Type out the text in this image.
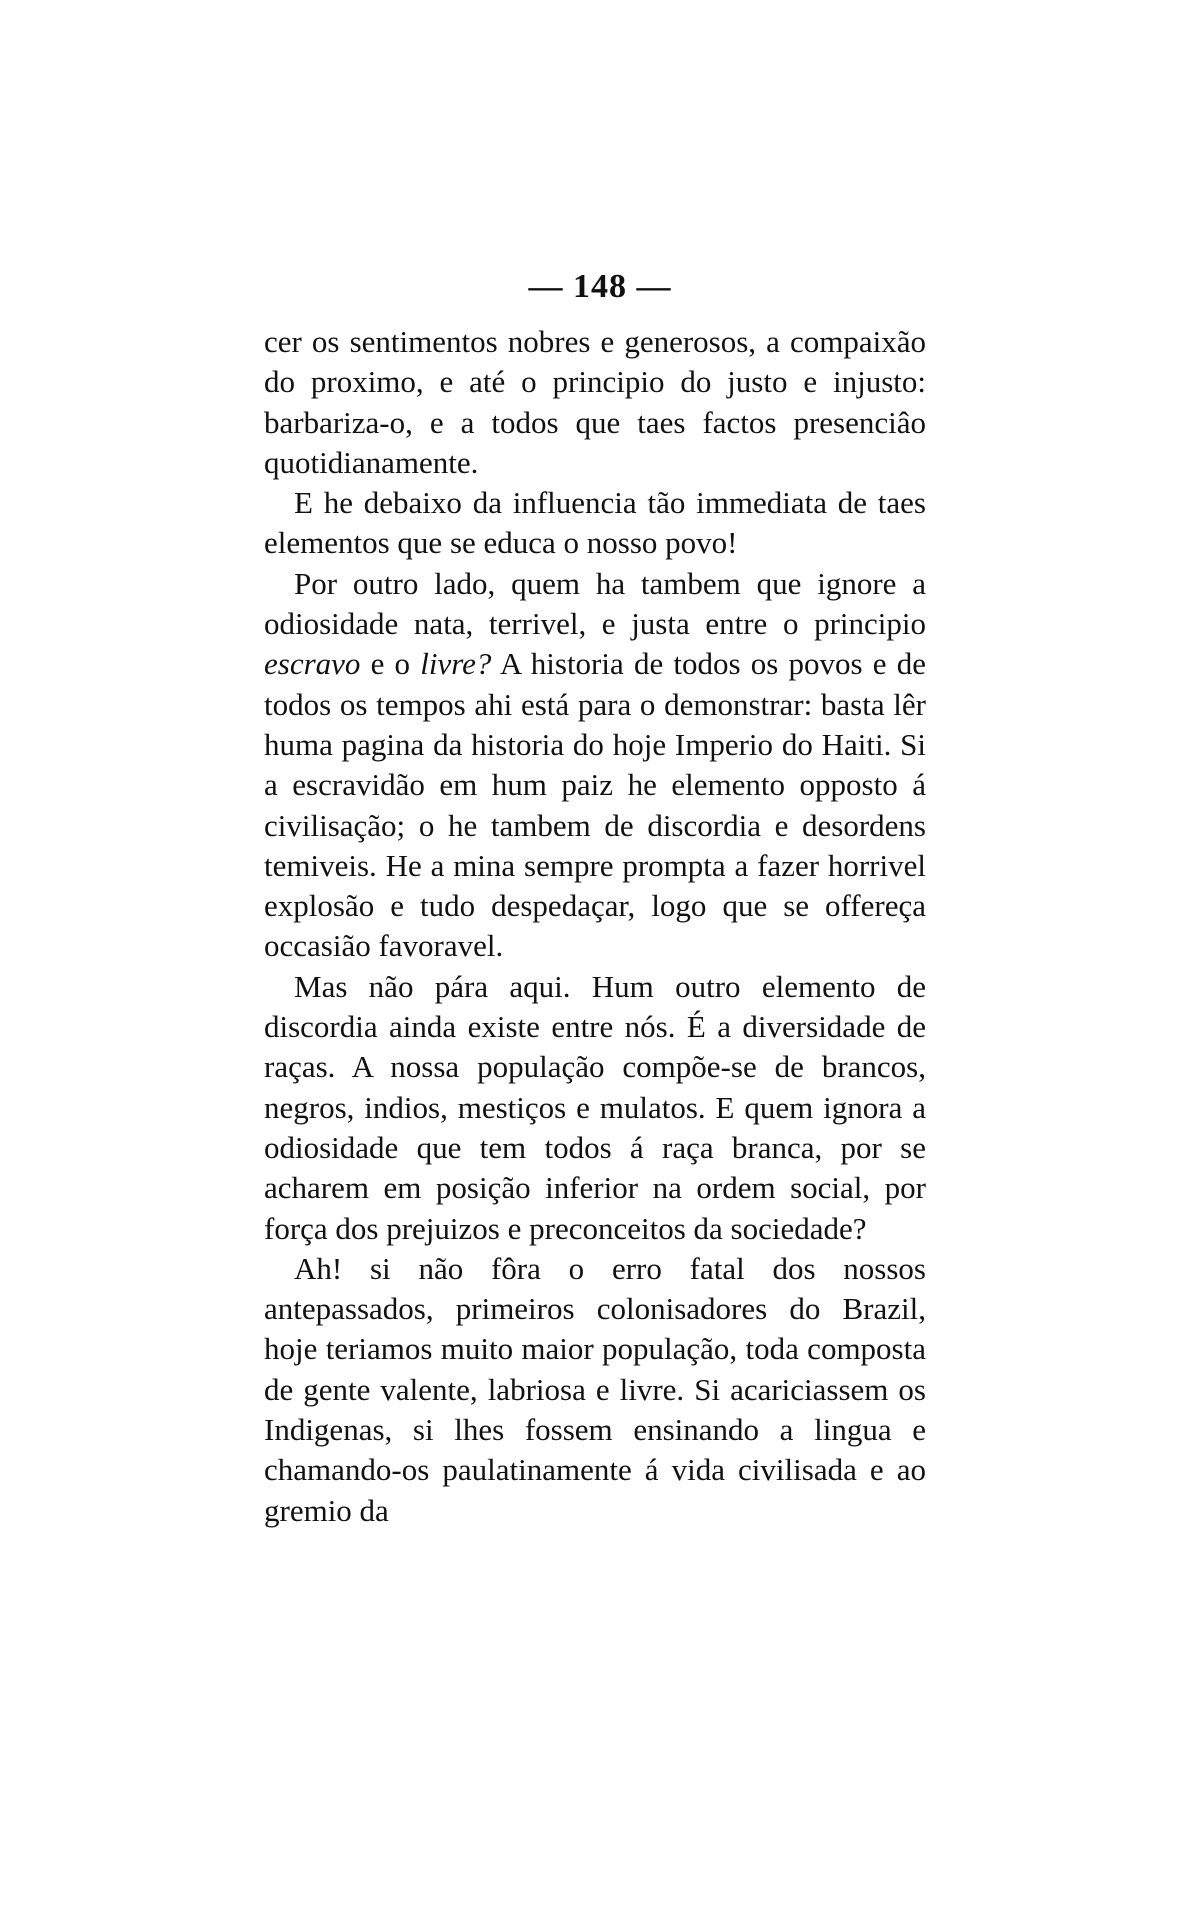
— 148 —

cer os sentimentos nobres e generosos, a compaixão do proximo, e até o principio do justo e injusto: barbariza-o, e a todos que taes factos presenciâo quotidianamente.

E he debaixo da influencia tão immediata de taes elementos que se educa o nosso povo!

Por outro lado, quem ha tambem que ignore a odiosidade nata, terrivel, e justa entre o principio escravo e o livre? A historia de todos os povos e de todos os tempos ahi está para o demonstrar: basta lêr huma pagina da historia do hoje Imperio do Haiti. Si a escravidão em hum paiz he elemento opposto á civilisação; o he tambem de discordia e desordens temiveis. He a mina sempre prompta a fazer horrivel explosão e tudo despedaçar, logo que se offereça occasião favoravel.

Mas não pára aqui. Hum outro elemento de discordia ainda existe entre nós. É a diversidade de raças. A nossa população compõe-se de brancos, negros, indios, mestiços e mulatos. E quem ignora a odiosidade que tem todos á raça branca, por se acharem em posição inferior na ordem social, por força dos prejuizos e preconceitos da sociedade?

Ah! si não fôra o erro fatal dos nossos antepassados, primeiros colonisadores do Brazil, hoje teriamos muito maior população, toda composta de gente valente, labriosa e livre. Si acariciassem os Indigenas, si lhes fossem ensinando a lingua e chamando-os paulatinamente á vida civilisada e ao gremio da
